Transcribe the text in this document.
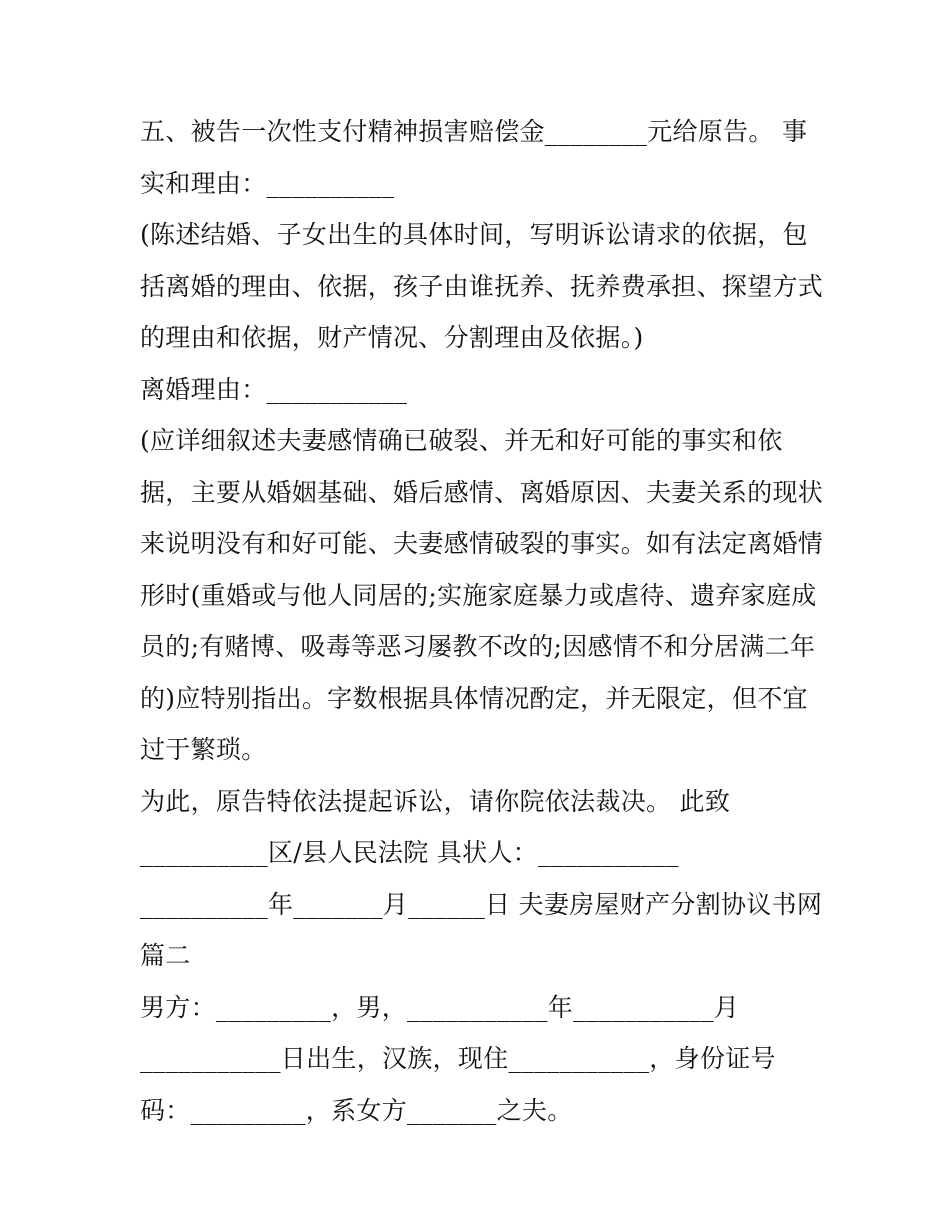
五、被告一次性支付精神损害赔偿金________元给原告。 事
实和理由：__________
(陈述结婚、子女出生的具体时间，写明诉讼请求的依据，包
括离婚的理由、依据，孩子由谁抚养、抚养费承担、探望方式
的理由和依据，财产情况、分割理由及依据。)
离婚理由：___________
(应详细叙述夫妻感情确已破裂、并无和好可能的事实和依
据，主要从婚姻基础、婚后感情、离婚原因、夫妻关系的现状
来说明没有和好可能、夫妻感情破裂的事实。如有法定离婚情
形时(重婚或与他人同居的;实施家庭暴力或虐待、遗弃家庭成
员的;有赌博、吸毒等恶习屡教不改的;因感情不和分居满二年
的)应特别指出。字数根据具体情况酌定，并无限定，但不宜
过于繁琐。
为此，原告特依法提起诉讼，请你院依法裁决。 此致
__________区/县人民法院 具状人：___________
__________年_______月______日 夫妻房屋财产分割协议书网
篇二
男方：_________，男，___________年___________月
___________日出生，汉族，现住___________，身份证号
码：_________，系女方_______之夫。
